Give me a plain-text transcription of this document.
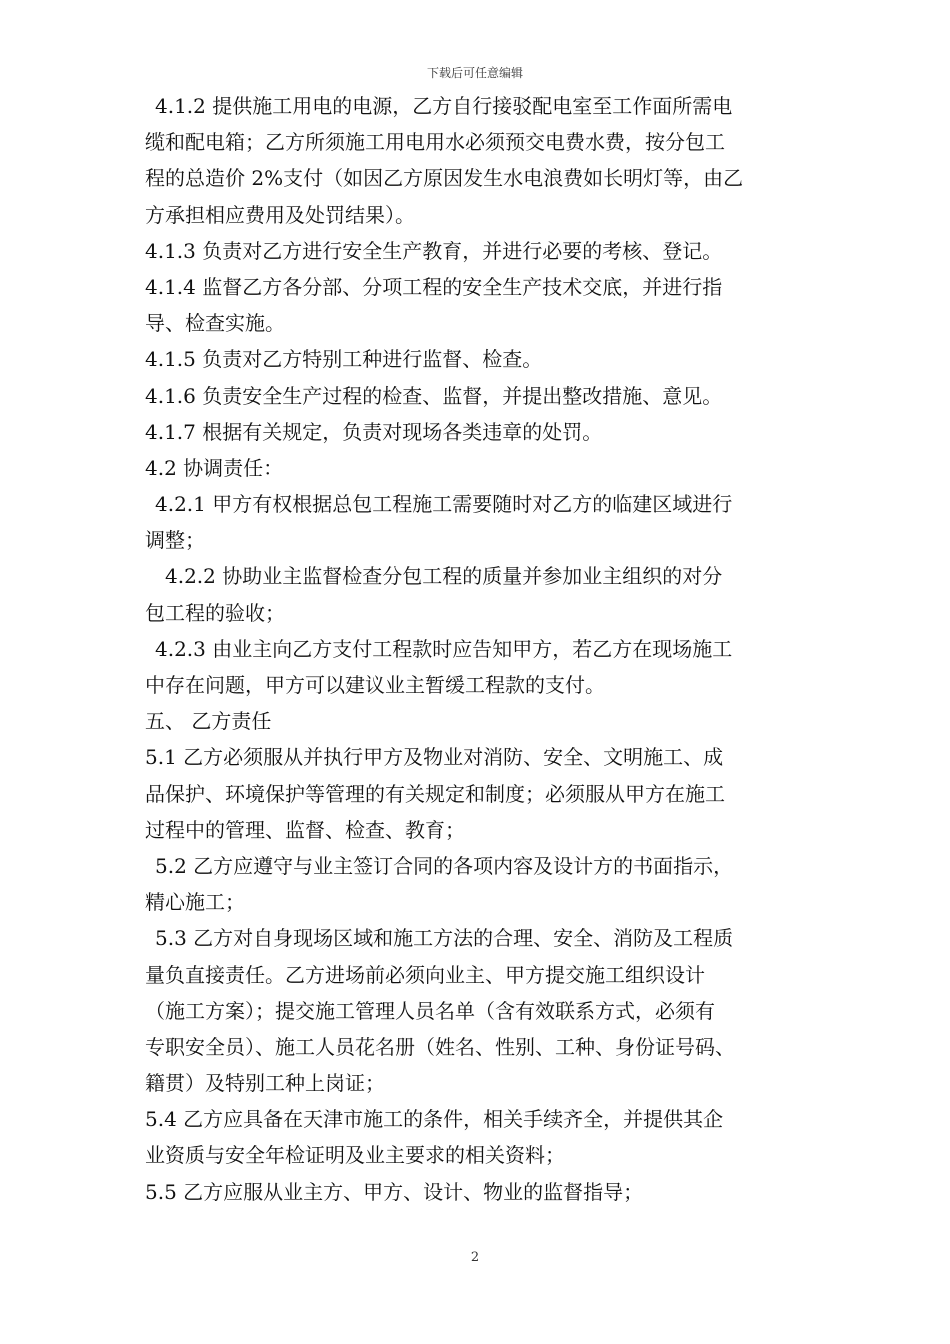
下载后可任意编辑
4.1.2 提供施工用电的电源，乙方自行接驳配电室至工作面所需电
缆和配电箱；乙方所须施工用电用水必须预交电费水费，按分包工
程的总造价 2%支付（如因乙方原因发生水电浪费如长明灯等，由乙
方承担相应费用及处罚结果）。
4.1.3 负责对乙方进行安全生产教育，并进行必要的考核、登记。
4.1.4 监督乙方各分部、分项工程的安全生产技术交底，并进行指
导、检查实施。
4.1.5 负责对乙方特别工种进行监督、检查。
4.1.6 负责安全生产过程的检查、监督，并提出整改措施、意见。
4.1.7 根据有关规定，负责对现场各类违章的处罚。
4.2 协调责任：
4.2.1 甲方有权根据总包工程施工需要随时对乙方的临建区域进行
调整；
4.2.2 协助业主监督检查分包工程的质量并参加业主组织的对分
包工程的验收；
4.2.3 由业主向乙方支付工程款时应告知甲方，若乙方在现场施工
中存在问题，甲方可以建议业主暂缓工程款的支付。
五、 乙方责任
5.1 乙方必须服从并执行甲方及物业对消防、安全、文明施工、成
品保护、环境保护等管理的有关规定和制度；必须服从甲方在施工
过程中的管理、监督、检查、教育；
5.2 乙方应遵守与业主签订合同的各项内容及设计方的书面指示，
精心施工；
5.3 乙方对自身现场区域和施工方法的合理、安全、消防及工程质
量负直接责任。乙方进场前必须向业主、甲方提交施工组织设计
（施工方案）；提交施工管理人员名单（含有效联系方式，必须有
专职安全员）、施工人员花名册（姓名、性别、工种、身份证号码、
籍贯）及特别工种上岗证；
5.4 乙方应具备在天津市施工的条件，相关手续齐全，并提供其企
业资质与安全年检证明及业主要求的相关资料；
5.5 乙方应服从业主方、甲方、设计、物业的监督指导；
2
